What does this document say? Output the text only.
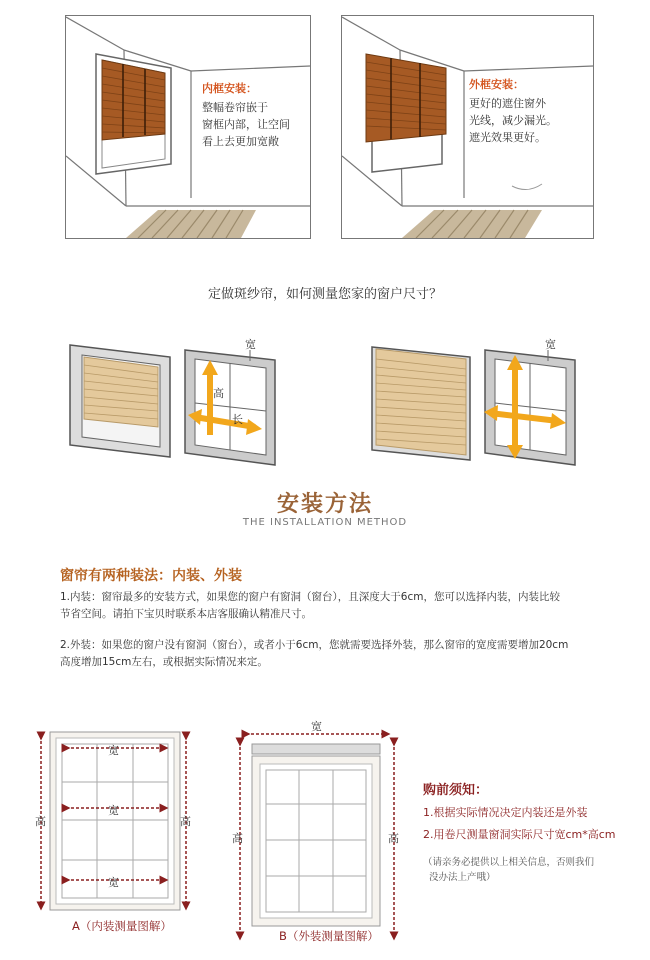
内框安装：
整幅卷帘嵌于
窗框内部，让空间
看上去更加宽敞
外框安装：
更好的遮住窗外
光线，减少漏光。
遮光效果更好。
定做斑纱帘，如何测量您家的窗户尺寸？
宽
高
长
宽
安装方法
THE INSTALLATION METHOD
窗帘有两种装法：内装、外装
1.内装：窗帘最多的安装方式，如果您的窗户有窗洞（窗台），且深度大于6cm，您可以选择内装，内装比较
节省空间。请拍下宝贝时联系本店客服确认精准尺寸。
2.外装：如果您的窗户没有窗洞（窗台），或者小于6cm，您就需要选择外装，那么窗帘的宽度需要增加20cm
高度增加15cm左右，或根据实际情况来定。
宽
宽
宽
高	高
宽
高	高
A（内装测量图解）
B（外装测量图解）
购前须知：
1.根据实际情况决定内装还是外装
2.用卷尺测量窗洞实际尺寸宽cm*高cm
（请亲务必提供以上相关信息，否则我们
没办法上产哦）
